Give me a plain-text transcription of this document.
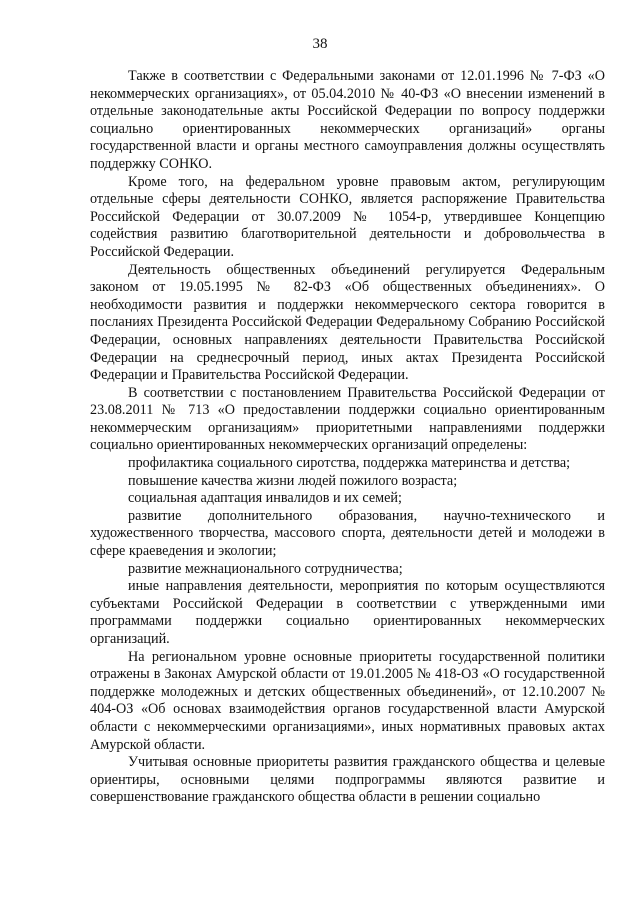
38

Также в соответствии с Федеральными законами от 12.01.1996 № 7-ФЗ «О некоммерческих организациях», от 05.04.2010 № 40-ФЗ «О внесении изменений в отдельные законодательные акты Российской Федерации по вопросу поддержки социально ориентированных некоммерческих организаций» органы государственной власти и органы местного самоуправления должны осуществлять поддержку СОНКО.

Кроме того, на федеральном уровне правовым актом, регулирующим отдельные сферы деятельности СОНКО, является распоряжение Правительства Российской Федерации от 30.07.2009 № 1054-р, утвердившее Концепцию содействия развитию благотворительной деятельности и добровольчества в Российской Федерации.

Деятельность общественных объединений регулируется Федеральным законом от 19.05.1995 № 82-ФЗ «Об общественных объединениях». О необходимости развития и поддержки некоммерческого сектора говорится в посланиях Президента Российской Федерации Федеральному Собранию Российской Федерации, основных направлениях деятельности Правительства Российской Федерации на среднесрочный период, иных актах Президента Российской Федерации и Правительства Российской Федерации.

В соответствии с постановлением Правительства Российской Федерации от 23.08.2011 № 713 «О предоставлении поддержки социально ориентированным некоммерческим организациям» приоритетными направлениями поддержки социально ориентированных некоммерческих организаций определены:

профилактика социального сиротства, поддержка материнства и детства;

повышение качества жизни людей пожилого возраста;

социальная адаптация инвалидов и их семей;

развитие дополнительного образования, научно-технического и художественного творчества, массового спорта, деятельности детей и молодежи в сфере краеведения и экологии;

развитие межнационального сотрудничества;

иные направления деятельности, мероприятия по которым осуществляются субъектами Российской Федерации в соответствии с утвержденными ими программами поддержки социально ориентированных некоммерческих организаций.

На региональном уровне основные приоритеты государственной политики отражены в Законах Амурской области от 19.01.2005 № 418-ОЗ «О государственной поддержке молодежных и детских общественных объединений», от 12.10.2007 № 404-ОЗ «Об основах взаимодействия органов государственной власти Амурской области с некоммерческими организациями», иных нормативных правовых актах Амурской области.

Учитывая основные приоритеты развития гражданского общества и целевые ориентиры, основными целями подпрограммы являются развитие и совершенствование гражданского общества области в решении социально
